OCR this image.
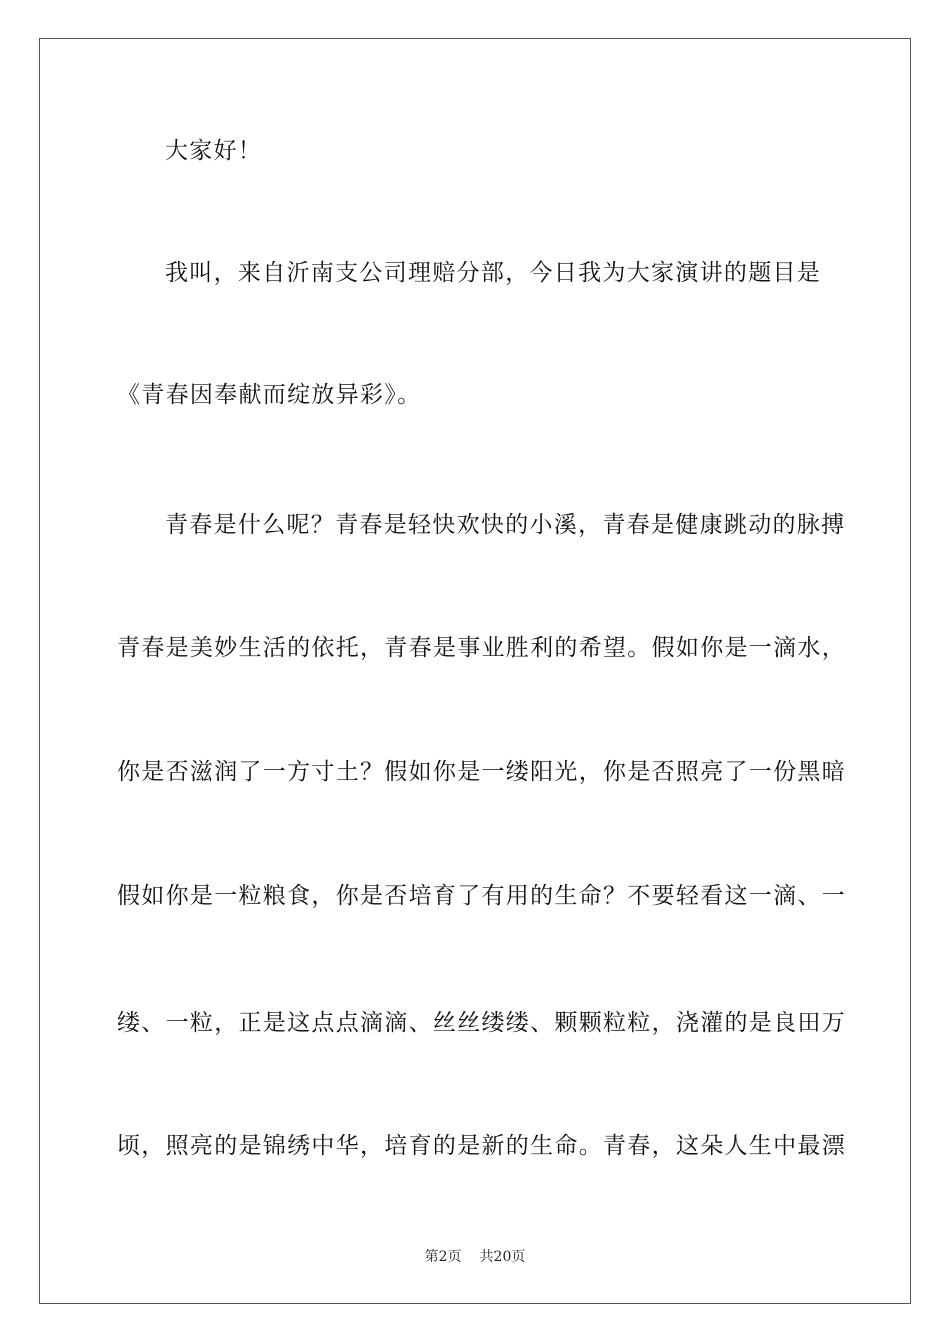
大家好！
我叫，来自沂南支公司理赔分部，今日我为大家演讲的题目是
《青春因奉献而绽放异彩》。
青春是什么呢？青春是轻快欢快的小溪，青春是健康跳动的脉搏
青春是美妙生活的依托，青春是事业胜利的希望。假如你是一滴水，
你是否滋润了一方寸土？假如你是一缕阳光，你是否照亮了一份黑暗
假如你是一粒粮食，你是否培育了有用的生命？不要轻看这一滴、一
缕、一粒，正是这点点滴滴、丝丝缕缕、颗颗粒粒，浇灌的是良田万
顷，照亮的是锦绣中华，培育的是新的生命。青春，这朵人生中最漂
第2页 共20页
